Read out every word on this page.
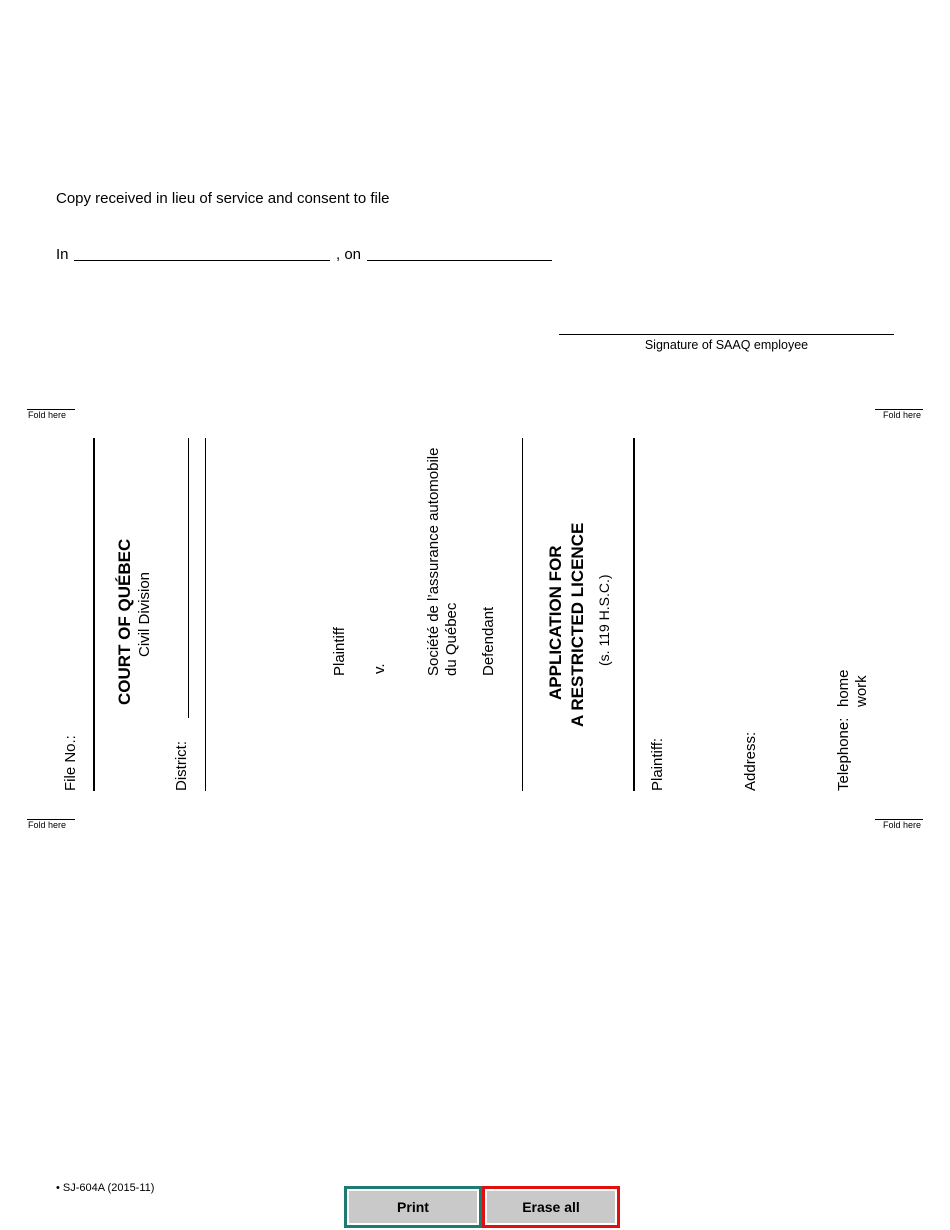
Copy received in lieu of service and consent to file
In	, on
Signature of SAAQ employee
Fold here	Fold here
Fold here	Fold here
File No.:
COURT OF QUÉBEC Civil Division
District:
Plaintiff v. Société de l’assurance automobile du Québec Defendant	APPLICATION FOR A RESTRICTED LICENCE (s. 119 H.S.C.)
Plaintiff:	Address:	Telephone:
home work
• SJ-604A (2015-11)
Print	Erase all
